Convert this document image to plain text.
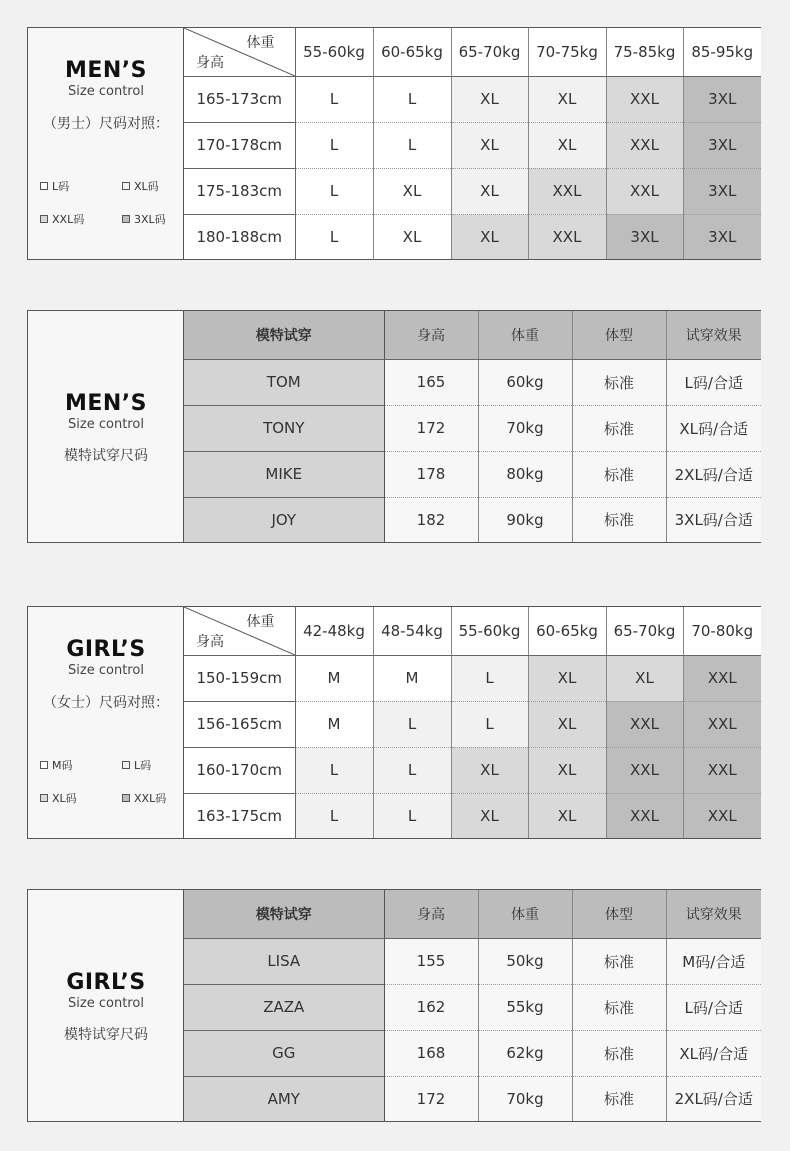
MEN’S
Size control
（男士）尺码对照：
L码	XL码
XXL码	3XL码
体重
身高	55-60kg	60-65kg	65-70kg	70-75kg	75-85kg	85-95kg
165-173cm	L	L	XL	XL	XXL	3XL
170-178cm	L	L	XL	XL	XXL	3XL
175-183cm	L	XL	XL	XXL	XXL	3XL
180-188cm	L	XL	XL	XXL	3XL	3XL
MEN’S
Size control
模特试穿尺码
模特试穿	身高	体重	体型	试穿效果
TOM	165	60kg	标准	L码/合适
TONY	172	70kg	标准	XL码/合适
MIKE	178	80kg	标准	2XL码/合适
JOY	182	90kg	标准	3XL码/合适
GIRL’S
Size control
（女士）尺码对照：
M码	L码
XL码	XXL码
体重
身高	42-48kg	48-54kg	55-60kg	60-65kg	65-70kg	70-80kg
150-159cm	M	M	L	XL	XL	XXL
156-165cm	M	L	L	XL	XXL	XXL
160-170cm	L	L	XL	XL	XXL	XXL
163-175cm	L	L	XL	XL	XXL	XXL
GIRL’S
Size control
模特试穿尺码
模特试穿	身高	体重	体型	试穿效果
LISA	155	50kg	标准	M码/合适
ZAZA	162	55kg	标准	L码/合适
GG	168	62kg	标准	XL码/合适
AMY	172	70kg	标准	2XL码/合适
